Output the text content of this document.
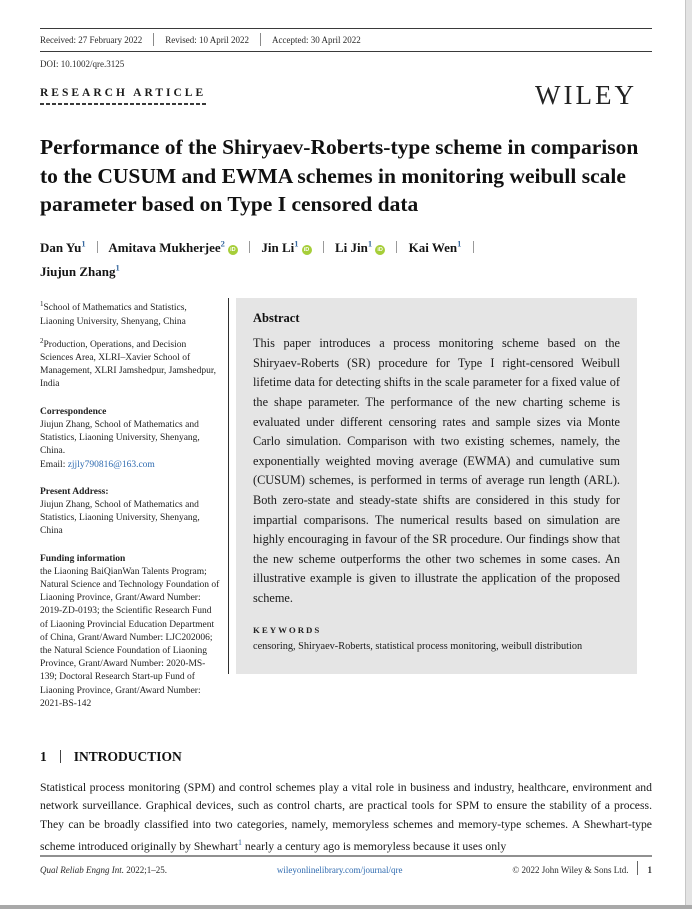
Received: 27 February 2022	Revised: 10 April 2022	Accepted: 30 April 2022
DOI: 10.1002/qre.3125
RESEARCH ARTICLE	WILEY
Performance of the Shiryaev-Roberts-type scheme in comparison to the CUSUM and EWMA schemes in monitoring weibull scale parameter based on Type I censored data
Dan Yu$^1$ Amitava Mukherjee$^2$iD Jin Li$^1$iD Li Jin$^1$iD Kai Wen$^1$
Jiujun Zhang$^1$
$^1$School of Mathematics and Statistics, Liaoning University, Shenyang, China
$^2$Production, Operations, and Decision Sciences Area, XLRI–Xavier School of Management, XLRI Jamshedpur, Jamshedpur, India
Correspondence
Jiujun Zhang, School of Mathematics and Statistics, Liaoning University, Shenyang, China.
Email: zjjly790816@163.com
Present Address:
Jiujun Zhang, School of Mathematics and Statistics, Liaoning University, Shenyang, China
Funding information
the Liaoning BaiQianWan Talents Program; Natural Science and Technology Foundation of Liaoning Province, Grant/Award Number: 2019-ZD-0193; the Scientific Research Fund of Liaoning Provincial Education Department of China, Grant/Award Number: LJC202006; the Natural Science Foundation of Liaoning Province, Grant/Award Number: 2020-MS-139; Doctoral Research Start-up Fund of Liaoning Province, Grant/Award Number: 2021-BS-142
Abstract
This paper introduces a process monitoring scheme based on the Shiryaev-Roberts (SR) procedure for Type I right-censored Weibull lifetime data for detecting shifts in the scale parameter for a fixed value of the shape parameter. The performance of the new charting scheme is evaluated under different censoring rates and sample sizes via Monte Carlo simulation. Comparison with two existing schemes, namely, the exponentially weighted moving average (EWMA) and cumulative sum (CUSUM) schemes, is performed in terms of average run length (ARL). Both zero-state and steady-state shifts are considered in this study for impartial comparisons. The numerical results based on simulation are highly encouraging in favour of the SR procedure. Our findings show that the new scheme outperforms the other two schemes in some cases. An illustrative example is given to illustrate the application of the proposed scheme.
KEYWORDS
censoring, Shiryaev-Roberts, statistical process monitoring, weibull distribution
1 INTRODUCTION

Statistical process monitoring (SPM) and control schemes play a vital role in business and industry, healthcare, environment and network surveillance. Graphical devices, such as control charts, are practical tools for SPM to ensure the stability of a process. They can be broadly classified into two categories, namely, memoryless schemes and memory-type schemes. A Shewhart-type scheme introduced originally by Shewhart$^1$ nearly a century ago is memoryless because it uses only

Qual Reliab Engng Int. 2022;1–25.	wileyonlinelibrary.com/journal/qre	© 2022 John Wiley & Sons Ltd. 1
